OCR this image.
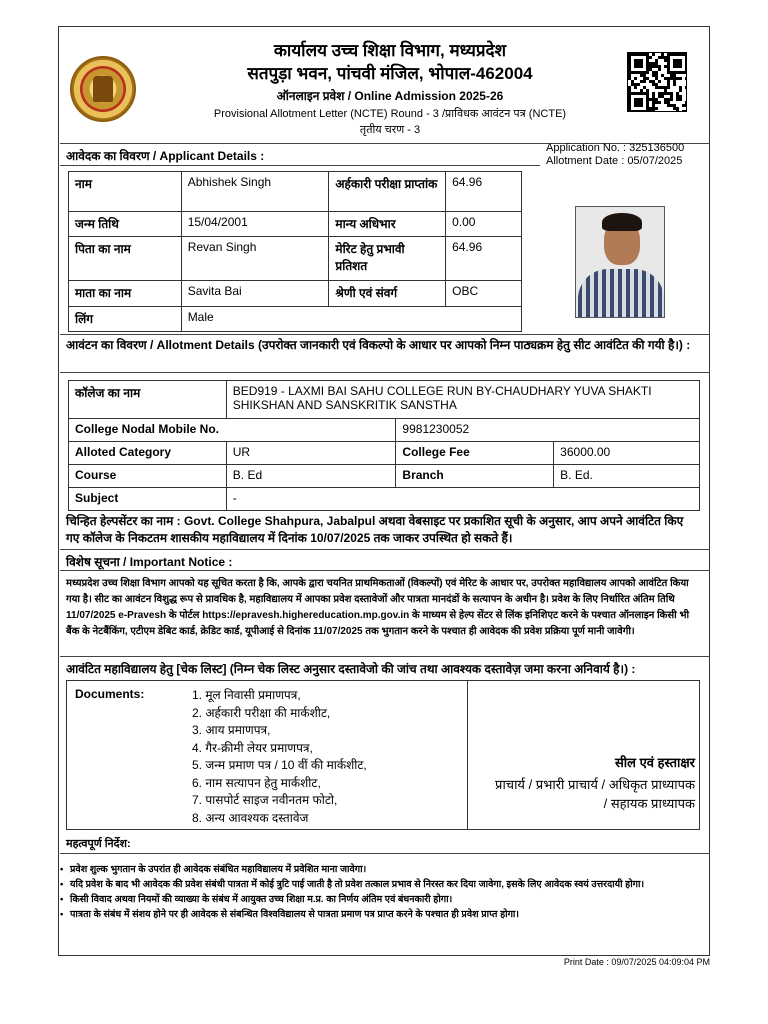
कार्यालय उच्च शिक्षा विभाग, मध्यप्रदेश
सतपुड़ा भवन, पांचवी मंजिल, भोपाल-462004
ऑनलाइन प्रवेश / Online Admission 2025-26
Provisional Allotment Letter (NCTE) Round - 3 /प्राविधक आवंटन पत्र (NCTE)
तृतीय चरण - 3
आवेदक का विवरण / Applicant Details :
Application No. : 325136500
Allotment Date : 05/07/2025
नाम	Abhishek Singh	अर्हकारी परीक्षा प्राप्तांक	64.96
जन्म तिथि	15/04/2001	मान्य अधिभार	0.00
पिता का नाम	Revan Singh	मेरिट हेतु प्रभावी प्रतिशत	64.96
माता का नाम	Savita Bai	श्रेणी एवं संवर्ग	OBC
लिंग	Male		
आवंटन का विवरण / Allotment Details (उपरोक्त जानकारी एवं विकल्पो के आधार पर आपको निम्न पाठ्यक्रम हेतु सीट आवंटित की गयी है।) :
कॉलेज का नाम	BED919 - LAXMI BAI SAHU COLLEGE RUN BY-CHAUDHARY YUVA SHAKTI SHIKSHAN AND SANSKRITIK SANSTHA		
College Nodal Mobile No.		9981230052	
Alloted Category	UR	College Fee	36000.00
Course	B. Ed	Branch	B. Ed.
Subject	-		
चिन्हित हेल्पसेंटर का नाम : Govt. College Shahpura, Jabalpul अथवा वेबसाइट पर प्रकाशित सूची के अनुसार, आप अपने आवंटित किए गए कॉलेज के निकटतम शासकीय महाविद्यालय में दिनांक 10/07/2025 तक जाकर उपस्थित हो सकते हैं।
विशेष सूचना / Important Notice :
मध्यप्रदेश उच्च शिक्षा विभाग आपको यह सूचित करता है कि, आपके द्वारा चयनित प्राथमिकताओं (विकल्पों) एवं मेरिट के आधार पर, उपरोक्त महाविद्यालय आपको आवंटित किया गया है। सीट का आवंटन विशुद्ध रूप से प्रावधिक है, महाविद्यालय में आपका प्रवेश दस्तावेजों और पात्रता मानदंडों के सत्यापन के अधीन है। प्रवेश के लिए निर्धारित अंतिम तिथि 11/07/2025 e-Pravesh के पोर्टल https://epravesh.highereducation.mp.gov.in के माध्यम से हेल्प सेंटर से लिंक इनिशिएट करने के पश्चात ऑनलाइन किसी भी बैंक के नेटबैंकिंग, एटीएम डेबिट कार्ड, क्रेडिट कार्ड, यूपीआई से दिनांक 11/07/2025 तक भुगतान करने के पश्चात ही आवेदक की प्रवेश प्रक्रिया पूर्ण मानी जावेगी।
आवंटित महाविद्यालय हेतु [चेक लिस्ट] (निम्न चेक लिस्ट अनुसार दस्तावेजो की जांच तथा आवश्यक दस्तावेज़ जमा करना अनिवार्य है।) :
Documents:	1. मूल निवासी प्रमाणपत्र,
2. अर्हकारी परीक्षा की मार्कशीट,
3. आय प्रमाणपत्र,
4. गैर-क्रीमी लेयर प्रमाणपत्र,
5. जन्म प्रमाण पत्र / 10 वीं की मार्कशीट,
6. नाम सत्यापन हेतु मार्कशीट,
7. पासपोर्ट साइज नवीनतम फोटो,
8. अन्य आवश्यक दस्तावेज
सील एवं हस्ताक्षर
प्राचार्य / प्रभारी प्राचार्य / अधिकृत प्राध्यापक
/ सहायक प्राध्यापक
महत्वपूर्ण निर्देश:
• प्रवेश शुल्क भुगतान के उपरांत ही आवेदक संबंधित महाविद्यालय में प्रवेशित माना जावेगा।
• यदि प्रवेश के बाद भी आवेदक की प्रवेश संबंधी पात्रता में कोई त्रुटि पाई जाती है तो प्रवेश तत्काल प्रभाव से निरस्त कर दिया जावेगा, इसके लिए आवेदक स्वयं उत्तरदायी होगा।
• किसी विवाद अथवा नियमों की व्याख्या के संबंध में आयुक्त उच्च शिक्षा म.प्र. का निर्णय अंतिम एवं बंधनकारी होगा।
• पात्रता के संबंध में संशय होने पर ही आवेदक से संबन्धित विश्वविद्यालय से पात्रता प्रमाण पत्र प्राप्त करने के पश्चात ही प्रवेश प्राप्त होगा।
Print Date : 09/07/2025 04:09:04 PM
